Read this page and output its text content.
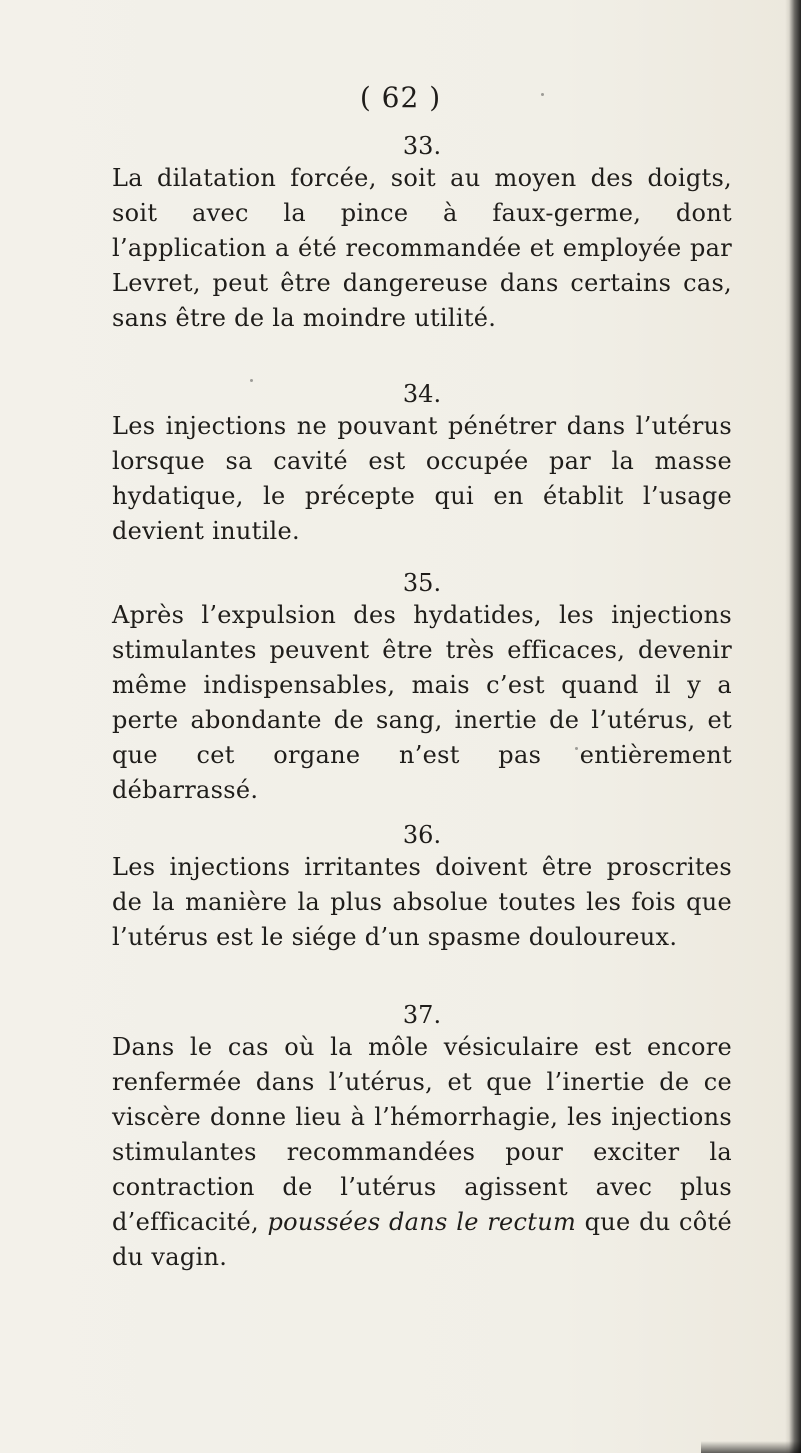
( 62 )
33.

La dilatation forcée, soit au moyen des doigts, soit avec la pince à faux-germe, dont l’application a été recommandée et employée par Levret, peut être dangereuse dans certains cas, sans être de la moindre utilité.

34.

Les injections ne pouvant pénétrer dans l’utérus lorsque sa cavité est occupée par la masse hydatique, le précepte qui en établit l’usage devient inutile.

35.

Après l’expulsion des hydatides, les injections stimulantes peuvent être très efficaces, devenir même indispensables, mais c’est quand il y a perte abondante de sang, inertie de l’utérus, et que cet organe n’est pas entièrement débarrassé.

36.

Les injections irritantes doivent être proscrites de la manière la plus absolue toutes les fois que l’utérus est le siége d’un spasme douloureux.

37.

Dans le cas où la môle vésiculaire est encore renfermée dans l’utérus, et que l’inertie de ce viscère donne lieu à l’hémorrhagie, les injections stimulantes recommandées pour exciter la contraction de l’utérus agissent avec plus d’efficacité, poussées dans le rectum que du côté du vagin.
